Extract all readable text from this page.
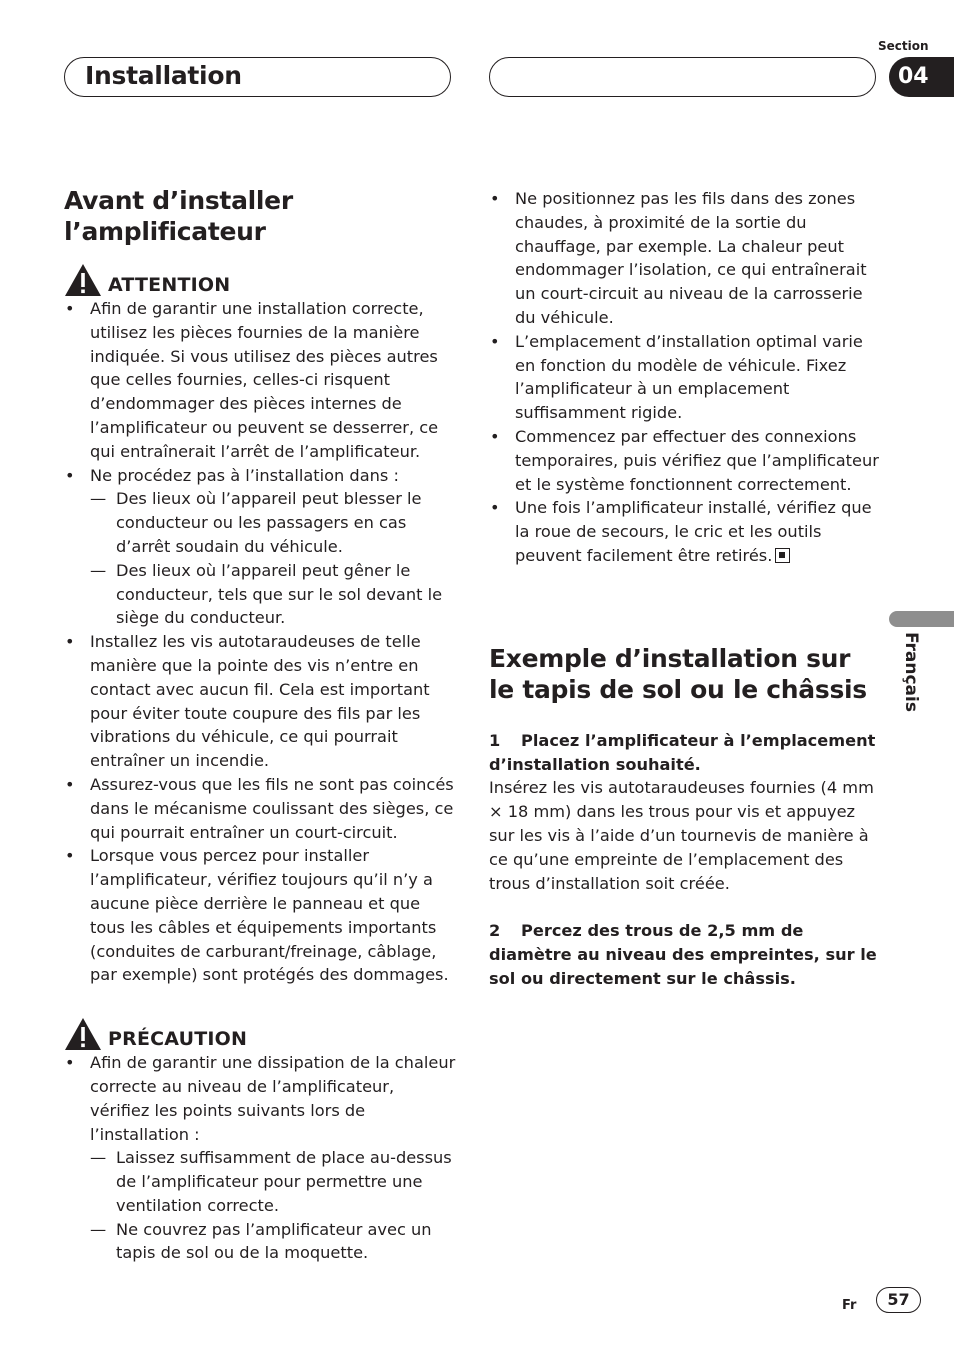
Installation
Section
04
Avant d’installer l’amplificateur
ATTENTION
• Afin de garantir une installation correcte, utilisez les pièces fournies de la manière indiquée. Si vous utilisez des pièces autres que celles fournies, celles-ci risquent d’endommager des pièces internes de l’amplificateur ou peuvent se desserrer, ce qui entraînerait l’arrêt de l’amplificateur.
• Ne procédez pas à l’installation dans :
— Des lieux où l’appareil peut blesser le conducteur ou les passagers en cas d’arrêt soudain du véhicule.
— Des lieux où l’appareil peut gêner le conducteur, tels que sur le sol devant le siège du conducteur.
• Installez les vis autotaraudeuses de telle manière que la pointe des vis n’entre en contact avec aucun fil. Cela est important pour éviter toute coupure des fils par les vibrations du véhicule, ce qui pourrait entraîner un incendie.
• Assurez-vous que les fils ne sont pas coincés dans le mécanisme coulissant des sièges, ce qui pourrait entraîner un court-circuit.
• Lorsque vous percez pour installer l’amplificateur, vérifiez toujours qu’il n’y a aucune pièce derrière le panneau et que tous les câbles et équipements importants (conduites de carburant/freinage, câblage, par exemple) sont protégés des dommages.
PRÉCAUTION
• Afin de garantir une dissipation de la chaleur correcte au niveau de l’amplificateur, vérifiez les points suivants lors de l’installation :
— Laissez suffisamment de place au-dessus de l’amplificateur pour permettre une ventilation correcte.
— Ne couvrez pas l’amplificateur avec un tapis de sol ou de la moquette.
• Ne positionnez pas les fils dans des zones chaudes, à proximité de la sortie du chauffage, par exemple. La chaleur peut endommager l’isolation, ce qui entraînerait un court-circuit au niveau de la carrosserie du véhicule.
• L’emplacement d’installation optimal varie en fonction du modèle de véhicule. Fixez l’amplificateur à un emplacement suffisamment rigide.
• Commencez par effectuer des connexions temporaires, puis vérifiez que l’amplificateur et le système fonctionnent correctement.
• Une fois l’amplificateur installé, vérifiez que la roue de secours, le cric et les outils peuvent facilement être retirés.
Exemple d’installation sur le tapis de sol ou le châssis
1 Placez l’amplificateur à l’emplacement d’installation souhaité.
Insérez les vis autotaraudeuses fournies (4 mm × 18 mm) dans les trous pour vis et appuyez sur les vis à l’aide d’un tournevis de manière à ce qu’une empreinte de l’emplacement des trous d’installation soit créée.
2 Percez des trous de 2,5 mm de diamètre au niveau des empreintes, sur le sol ou directement sur le châssis.
Français
Fr	57
